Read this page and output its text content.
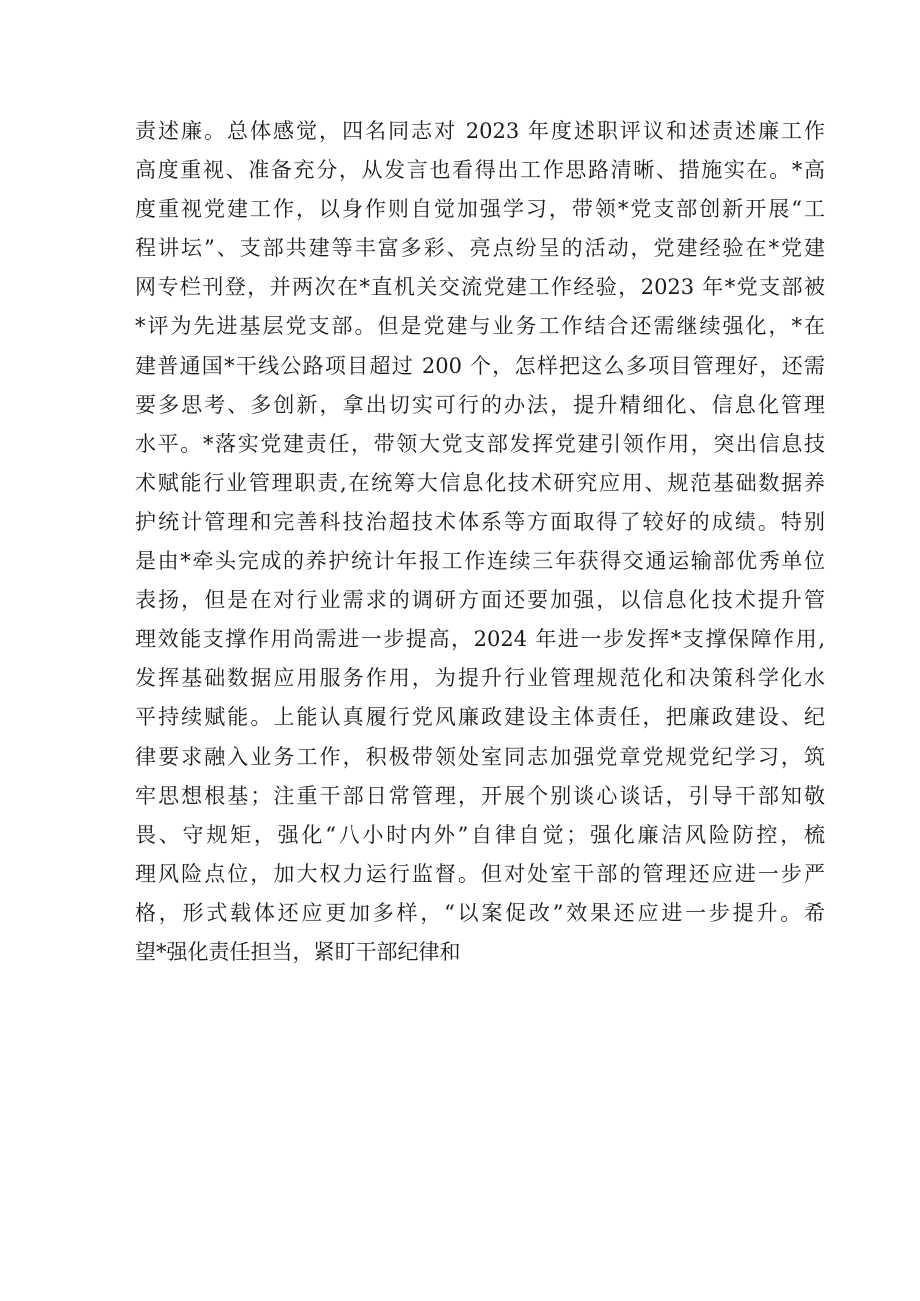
责述廉。总体感觉，四名同志对 2023 年度述职评议和述责述廉工作
高度重视、准备充分，从发言也看得出工作思路清晰、措施实在。*高
度重视党建工作，以身作则自觉加强学习，带领*党支部创新开展“工
程讲坛”、支部共建等丰富多彩、亮点纷呈的活动，党建经验在*党建
网专栏刊登，并两次在*直机关交流党建工作经验，2023 年*党支部被
*评为先进基层党支部。但是党建与业务工作结合还需继续强化，*在
建普通国*干线公路项目超过 200 个，怎样把这么多项目管理好，还需
要多思考、多创新，拿出切实可行的办法，提升精细化、信息化管理
水平。*落实党建责任，带领大党支部发挥党建引领作用，突出信息技
术赋能行业管理职责,在统筹大信息化技术研究应用、规范基础数据养
护统计管理和完善科技治超技术体系等方面取得了较好的成绩。特别
是由*牵头完成的养护统计年报工作连续三年获得交通运输部优秀单位
表扬，但是在对行业需求的调研方面还要加强，以信息化技术提升管
理效能支撑作用尚需进一步提高，2024 年进一步发挥*支撑保障作用,
发挥基础数据应用服务作用，为提升行业管理规范化和决策科学化水
平持续赋能。上能认真履行党风廉政建设主体责任，把廉政建设、纪
律要求融入业务工作，积极带领处室同志加强党章党规党纪学习，筑
牢思想根基；注重干部日常管理，开展个别谈心谈话，引导干部知敬
畏、守规矩，强化“八小时内外”自律自觉；强化廉洁风险防控，梳
理风险点位，加大权力运行监督。但对处室干部的管理还应进一步严
格，形式载体还应更加多样，“以案促改”效果还应进一步提升。希
望*强化责任担当，紧盯干部纪律和
